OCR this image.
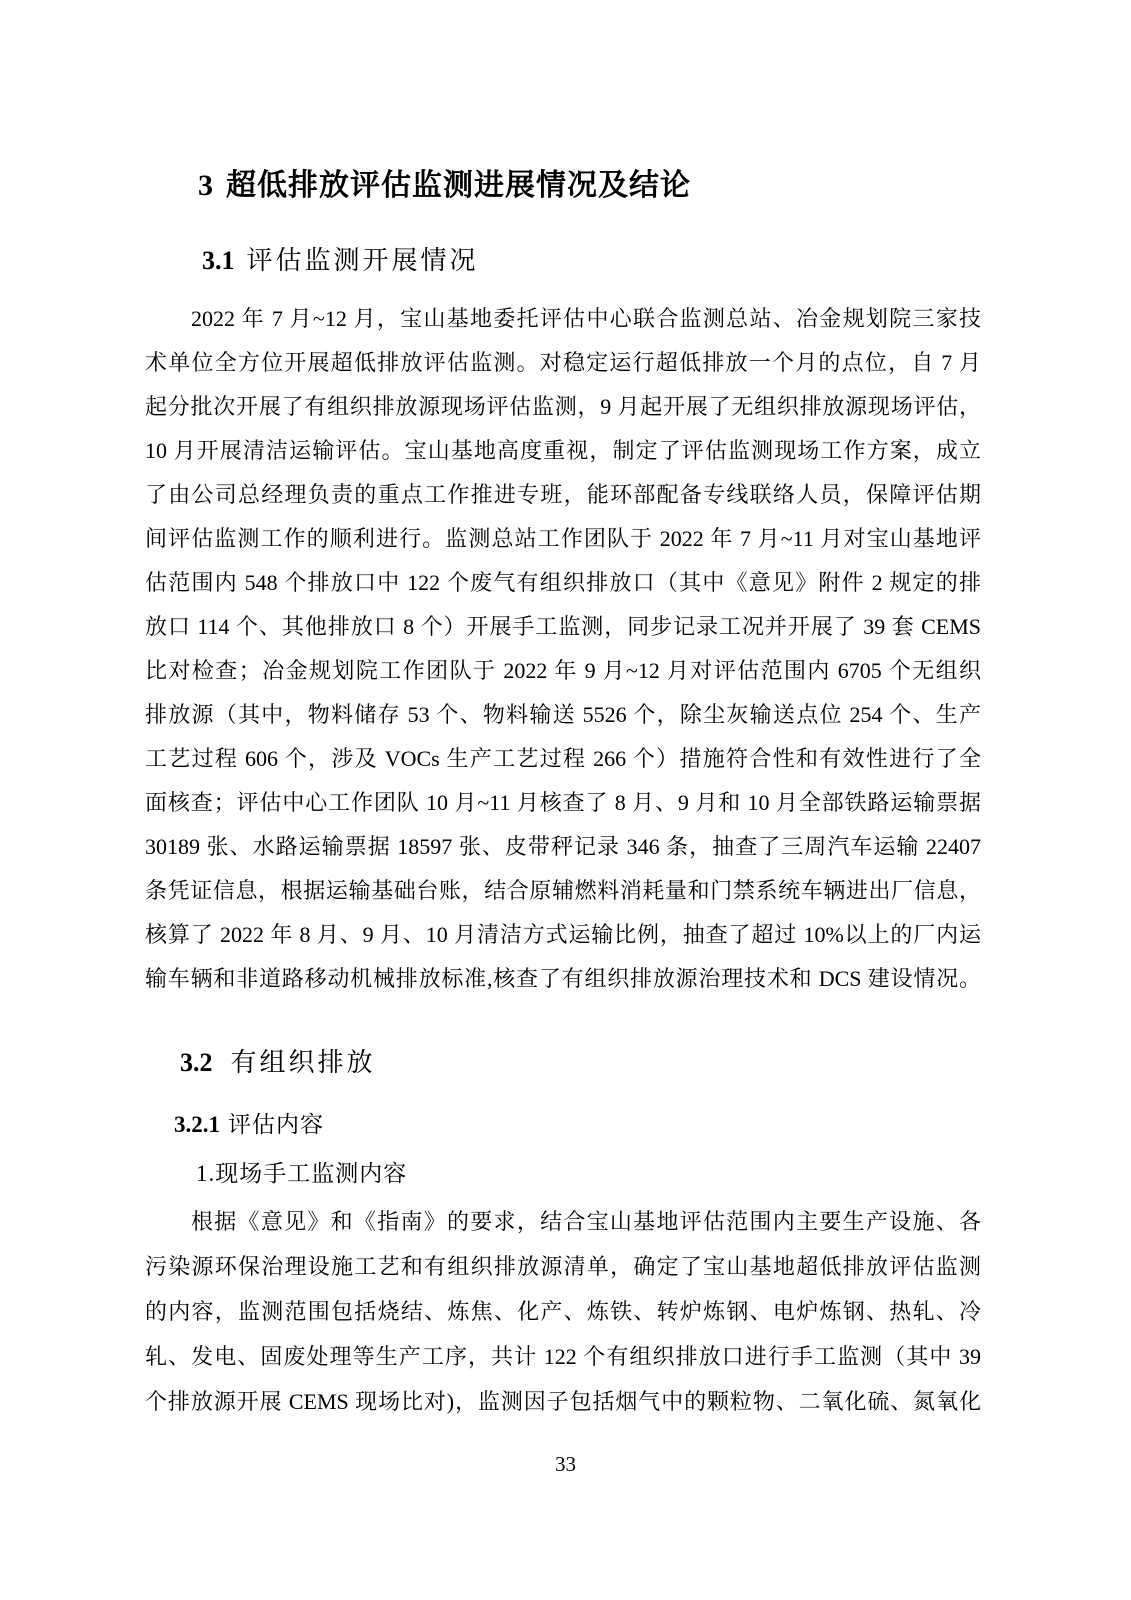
3 超低排放评估监测进展情况及结论
3.1 评估监测开展情况
2022 年 7 月~12 月，宝山基地委托评估中心联合监测总站、冶金规划院三家技
术单位全方位开展超低排放评估监测。对稳定运行超低排放一个月的点位，自 7 月
起分批次开展了有组织排放源现场评估监测，9 月起开展了无组织排放源现场评估，
10 月开展清洁运输评估。宝山基地高度重视，制定了评估监测现场工作方案，成立
了由公司总经理负责的重点工作推进专班，能环部配备专线联络人员，保障评估期
间评估监测工作的顺利进行。监测总站工作团队于 2022 年 7 月~11 月对宝山基地评
估范围内 548 个排放口中 122 个废气有组织排放口（其中《意见》附件 2 规定的排
放口 114 个、其他排放口 8 个）开展手工监测，同步记录工况并开展了 39 套 CEMS
比对检查；冶金规划院工作团队于 2022 年 9 月~12 月对评估范围内 6705 个无组织
排放源（其中，物料储存 53 个、物料输送 5526 个，除尘灰输送点位 254 个、生产
工艺过程 606 个，涉及 VOCs 生产工艺过程 266 个）措施符合性和有效性进行了全
面核查；评估中心工作团队 10 月~11 月核查了 8 月、9 月和 10 月全部铁路运输票据
30189 张、水路运输票据 18597 张、皮带秤记录 346 条，抽查了三周汽车运输 22407
条凭证信息，根据运输基础台账，结合原辅燃料消耗量和门禁系统车辆进出厂信息，
核算了 2022 年 8 月、9 月、10 月清洁方式运输比例，抽查了超过 10%以上的厂内运
输车辆和非道路移动机械排放标准,核查了有组织排放源治理技术和 DCS 建设情况。
3.2 有组织排放
3.2.1 评估内容
1.现场手工监测内容
根据《意见》和《指南》的要求，结合宝山基地评估范围内主要生产设施、各
污染源环保治理设施工艺和有组织排放源清单，确定了宝山基地超低排放评估监测
的内容，监测范围包括烧结、炼焦、化产、炼铁、转炉炼钢、电炉炼钢、热轧、冷
轧、发电、固废处理等生产工序，共计 122 个有组织排放口进行手工监测（其中 39
个排放源开展 CEMS 现场比对)，监测因子包括烟气中的颗粒物、二氧化硫、氮氧化
33
